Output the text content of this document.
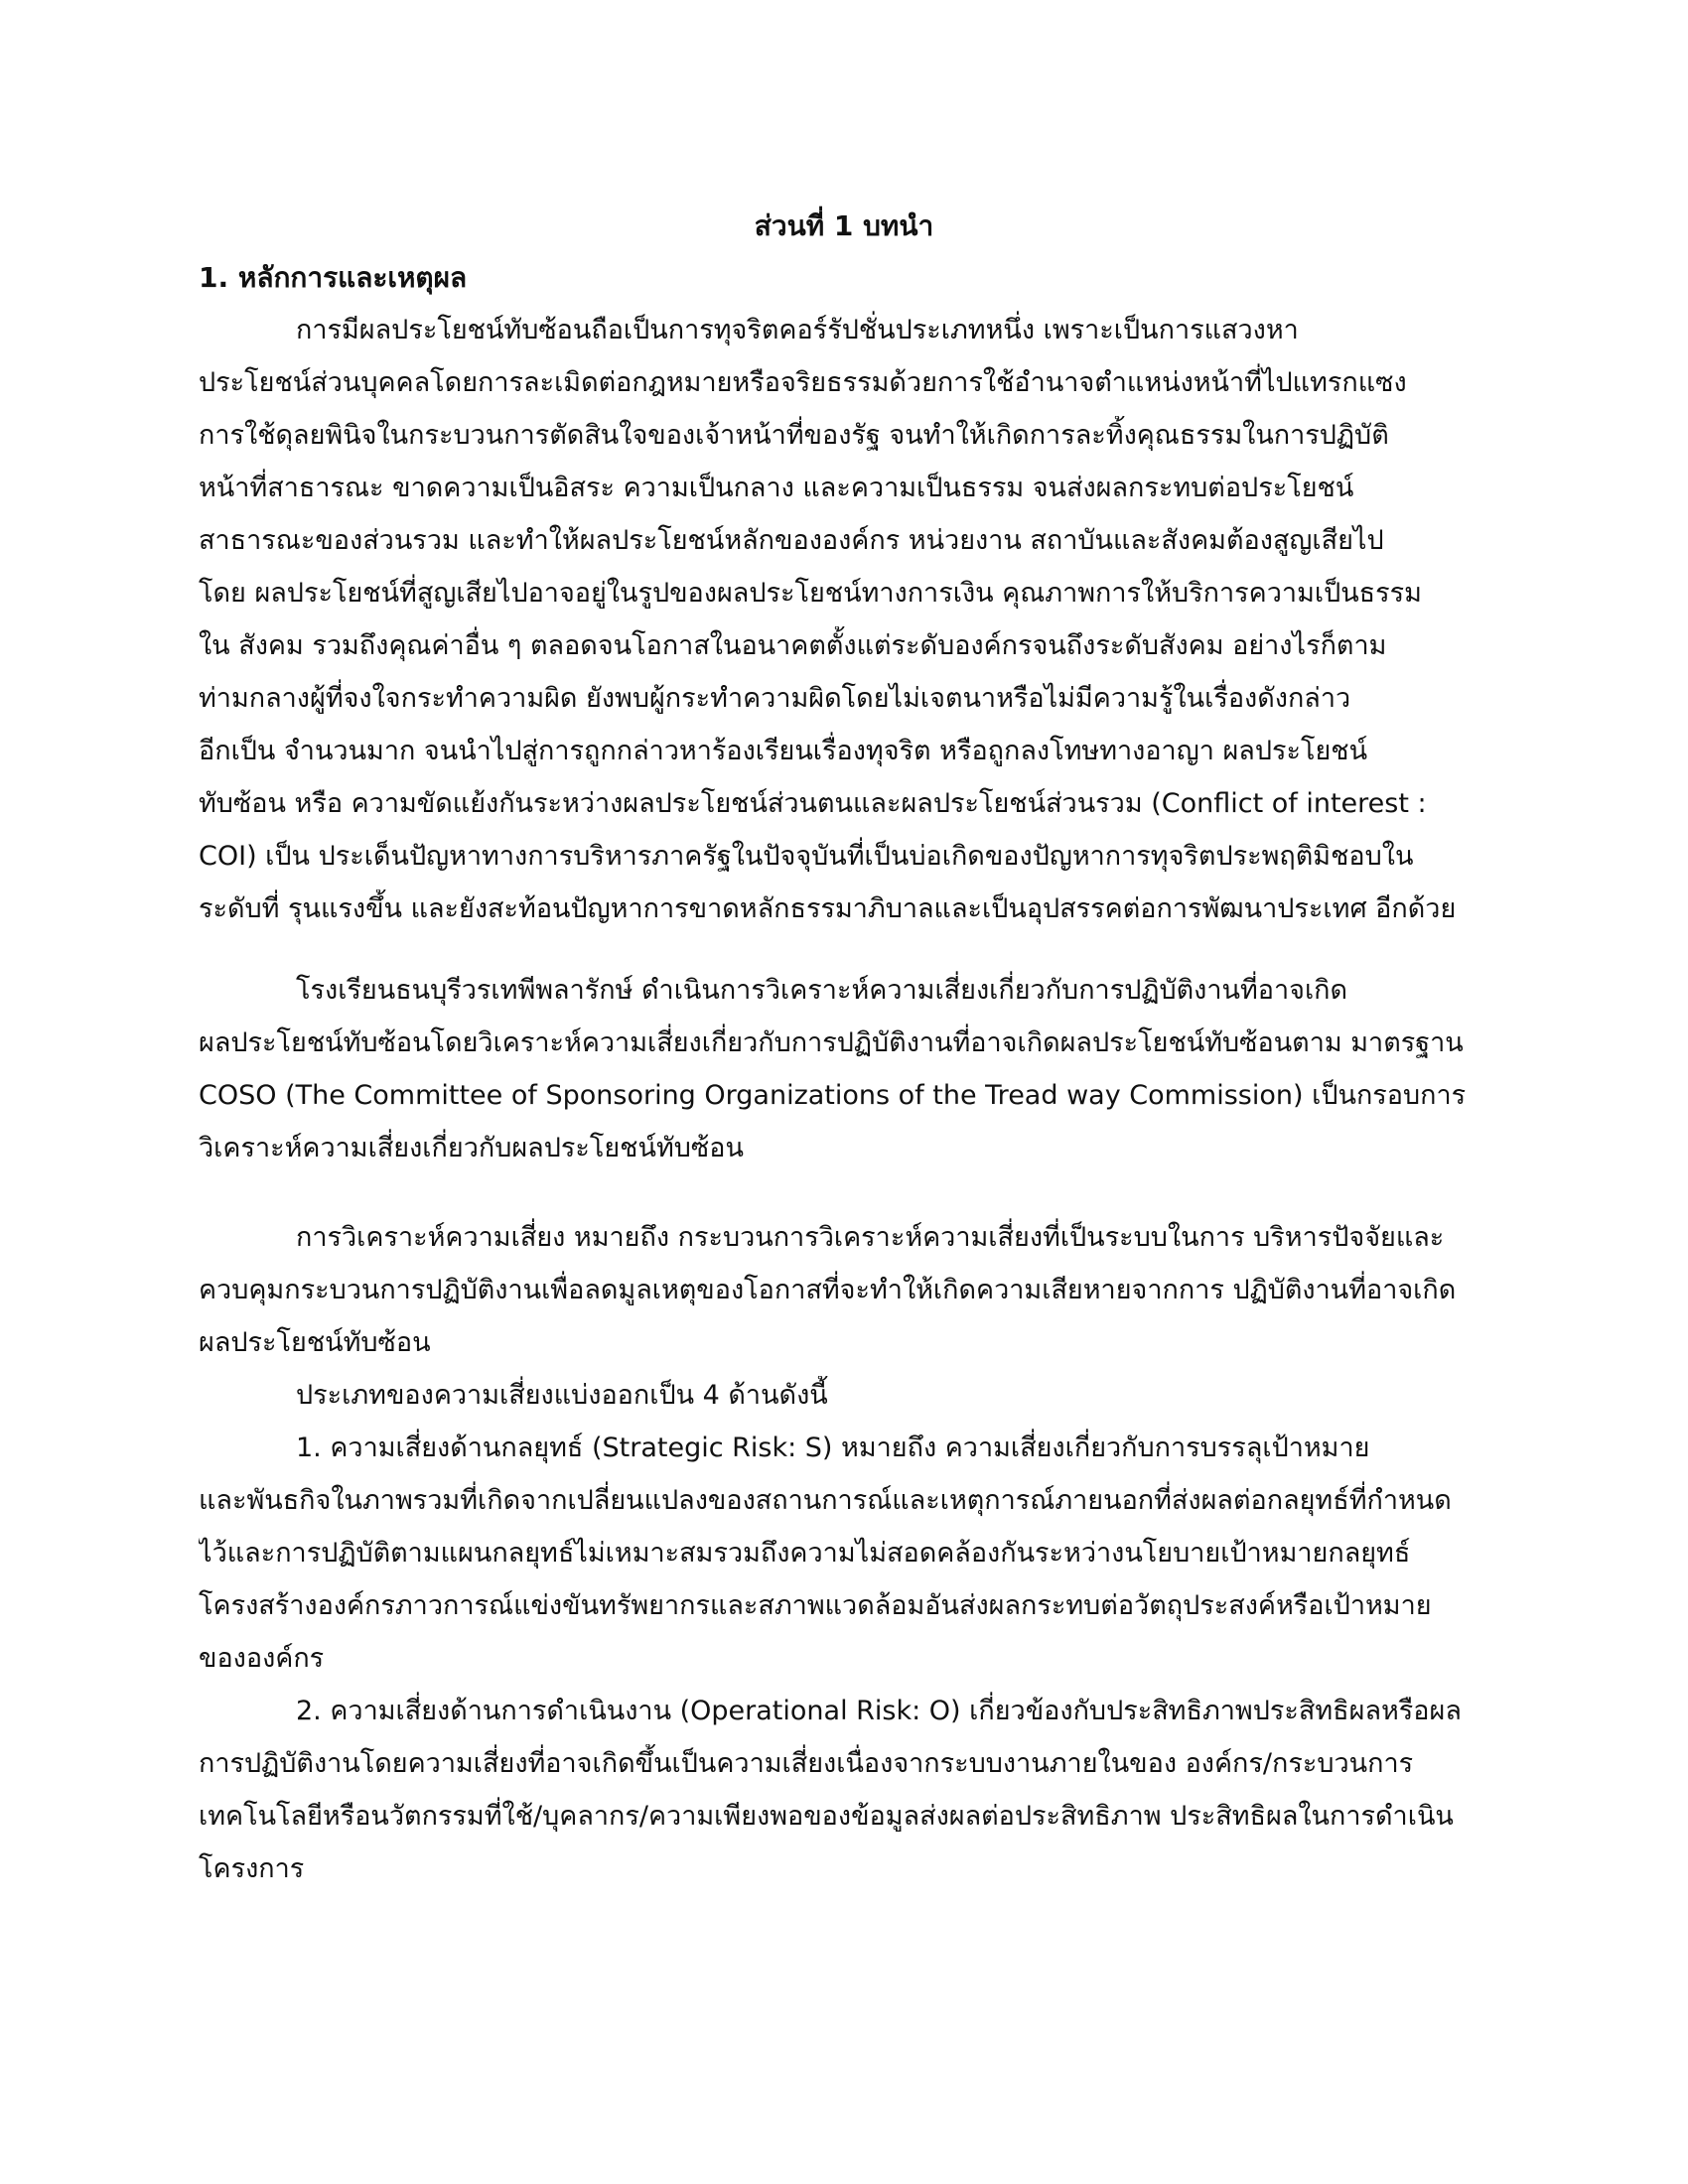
ส่วนที่ 1 บทนำ
1. หลักการและเหตุผล
การมีผลประโยชน์ทับซ้อนถือเป็นการทุจริตคอร์รัปชั่นประเภทหนึ่ง เพราะเป็นการแสวงหา
ประโยชน์ส่วนบุคคลโดยการละเมิดต่อกฎหมายหรือจริยธรรมด้วยการใช้อำนาจตำแหน่งหน้าที่ไปแทรกแซง
การใช้ดุลยพินิจในกระบวนการตัดสินใจของเจ้าหน้าที่ของรัฐ จนทำให้เกิดการละทิ้งคุณธรรมในการปฏิบัติ
หน้าที่สาธารณะ ขาดความเป็นอิสระ ความเป็นกลาง และความเป็นธรรม จนส่งผลกระทบต่อประโยชน์
สาธารณะของส่วนรวม และทำให้ผลประโยชน์หลักขององค์กร หน่วยงาน สถาบันและสังคมต้องสูญเสียไป
โดย ผลประโยชน์ที่สูญเสียไปอาจอยู่ในรูปของผลประโยชน์ทางการเงิน คุณภาพการให้บริการความเป็นธรรม
ใน สังคม รวมถึงคุณค่าอื่น ๆ ตลอดจนโอกาสในอนาคตตั้งแต่ระดับองค์กรจนถึงระดับสังคม อย่างไรก็ตาม
ท่ามกลางผู้ที่จงใจกระทำความผิด ยังพบผู้กระทำความผิดโดยไม่เจตนาหรือไม่มีความรู้ในเรื่องดังกล่าว
อีกเป็น จำนวนมาก จนนำไปสู่การถูกกล่าวหาร้องเรียนเรื่องทุจริต หรือถูกลงโทษทางอาญา ผลประโยชน์
ทับซ้อน หรือ ความขัดแย้งกันระหว่างผลประโยชน์ส่วนตนและผลประโยชน์ส่วนรวม (Conflict of interest :
COI) เป็น ประเด็นปัญหาทางการบริหารภาครัฐในปัจจุบันที่เป็นบ่อเกิดของปัญหาการทุจริตประพฤติมิชอบใน
ระดับที่ รุนแรงขึ้น และยังสะท้อนปัญหาการขาดหลักธรรมาภิบาลและเป็นอุปสรรคต่อการพัฒนาประเทศ อีกด้วย
โรงเรียนธนบุรีวรเทพีพลารักษ์ ดำเนินการวิเคราะห์ความเสี่ยงเกี่ยวกับการปฏิบัติงานที่อาจเกิด
ผลประโยชน์ทับซ้อนโดยวิเคราะห์ความเสี่ยงเกี่ยวกับการปฏิบัติงานที่อาจเกิดผลประโยชน์ทับซ้อนตาม มาตรฐาน
COSO (The Committee of Sponsoring Organizations of the Tread way Commission) เป็นกรอบการ
วิเคราะห์ความเสี่ยงเกี่ยวกับผลประโยชน์ทับซ้อน
การวิเคราะห์ความเสี่ยง หมายถึง กระบวนการวิเคราะห์ความเสี่ยงที่เป็นระบบในการ บริหารปัจจัยและ
ควบคุมกระบวนการปฏิบัติงานเพื่อลดมูลเหตุของโอกาสที่จะทำให้เกิดความเสียหายจากการ ปฏิบัติงานที่อาจเกิด
ผลประโยชน์ทับซ้อน
ประเภทของความเสี่ยงแบ่งออกเป็น 4 ด้านดังนี้
1. ความเสี่ยงด้านกลยุทธ์ (Strategic Risk: S) หมายถึง ความเสี่ยงเกี่ยวกับการบรรลุเป้าหมาย
และพันธกิจในภาพรวมที่เกิดจากเปลี่ยนแปลงของสถานการณ์และเหตุการณ์ภายนอกที่ส่งผลต่อกลยุทธ์ที่กำหนด
ไว้และการปฏิบัติตามแผนกลยุทธ์ไม่เหมาะสมรวมถึงความไม่สอดคล้องกันระหว่างนโยบายเป้าหมายกลยุทธ์
โครงสร้างองค์กรภาวการณ์แข่งขันทรัพยากรและสภาพแวดล้อมอันส่งผลกระทบต่อวัตถุประสงค์หรือเป้าหมาย
ขององค์กร
2. ความเสี่ยงด้านการดำเนินงาน (Operational Risk: O) เกี่ยวข้องกับประสิทธิภาพประสิทธิผลหรือผล
การปฏิบัติงานโดยความเสี่ยงที่อาจเกิดขึ้นเป็นความเสี่ยงเนื่องจากระบบงานภายในของ องค์กร/กระบวนการ
เทคโนโลยีหรือนวัตกรรมที่ใช้/บุคลากร/ความเพียงพอของข้อมูลส่งผลต่อประสิทธิภาพ ประสิทธิผลในการดำเนิน
โครงการ
